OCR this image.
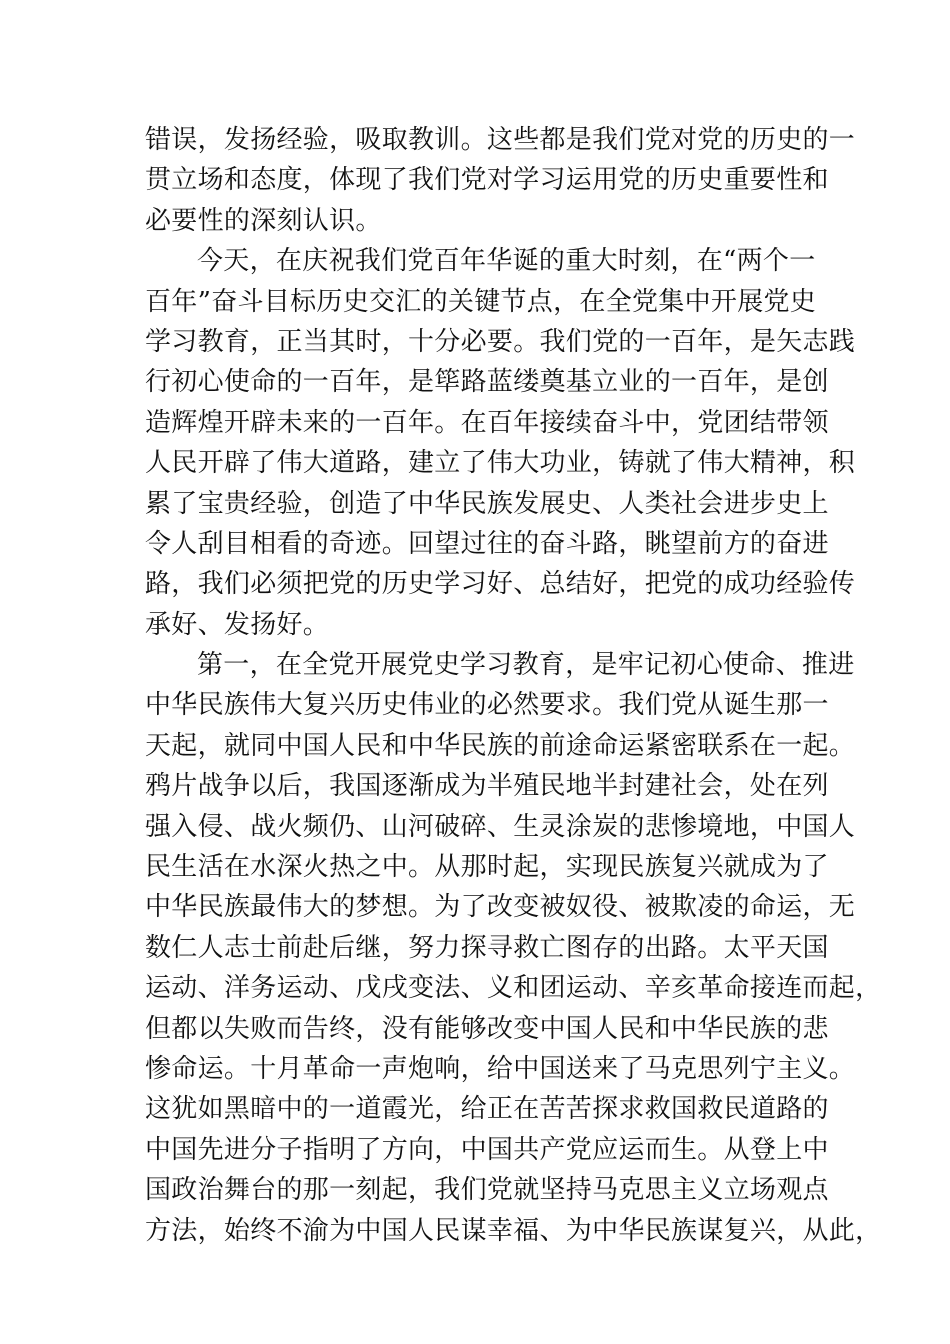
错误，发扬经验，吸取教训。这些都是我们党对党的历史的一
贯立场和态度，体现了我们党对学习运用党的历史重要性和
必要性的深刻认识。
今天，在庆祝我们党百年华诞的重大时刻，在“两个一
百年”奋斗目标历史交汇的关键节点，在全党集中开展党史
学习教育，正当其时，十分必要。我们党的一百年，是矢志践
行初心使命的一百年，是筚路蓝缕奠基立业的一百年，是创
造辉煌开辟未来的一百年。在百年接续奋斗中，党团结带领
人民开辟了伟大道路，建立了伟大功业，铸就了伟大精神，积
累了宝贵经验，创造了中华民族发展史、人类社会进步史上
令人刮目相看的奇迹。回望过往的奋斗路，眺望前方的奋进
路，我们必须把党的历史学习好、总结好，把党的成功经验传
承好、发扬好。
第一，在全党开展党史学习教育，是牢记初心使命、推进
中华民族伟大复兴历史伟业的必然要求。我们党从诞生那一
天起，就同中国人民和中华民族的前途命运紧密联系在一起。
鸦片战争以后，我国逐渐成为半殖民地半封建社会，处在列
强入侵、战火频仍、山河破碎、生灵涂炭的悲惨境地，中国人
民生活在水深火热之中。从那时起，实现民族复兴就成为了
中华民族最伟大的梦想。为了改变被奴役、被欺凌的命运，无
数仁人志士前赴后继，努力探寻救亡图存的出路。太平天国
运动、洋务运动、戊戌变法、义和团运动、辛亥革命接连而起，
但都以失败而告终，没有能够改变中国人民和中华民族的悲
惨命运。十月革命一声炮响，给中国送来了马克思列宁主义。
这犹如黑暗中的一道霞光，给正在苦苦探求救国救民道路的
中国先进分子指明了方向，中国共产党应运而生。从登上中
国政治舞台的那一刻起，我们党就坚持马克思主义立场观点
方法，始终不渝为中国人民谋幸福、为中华民族谋复兴，从此，
